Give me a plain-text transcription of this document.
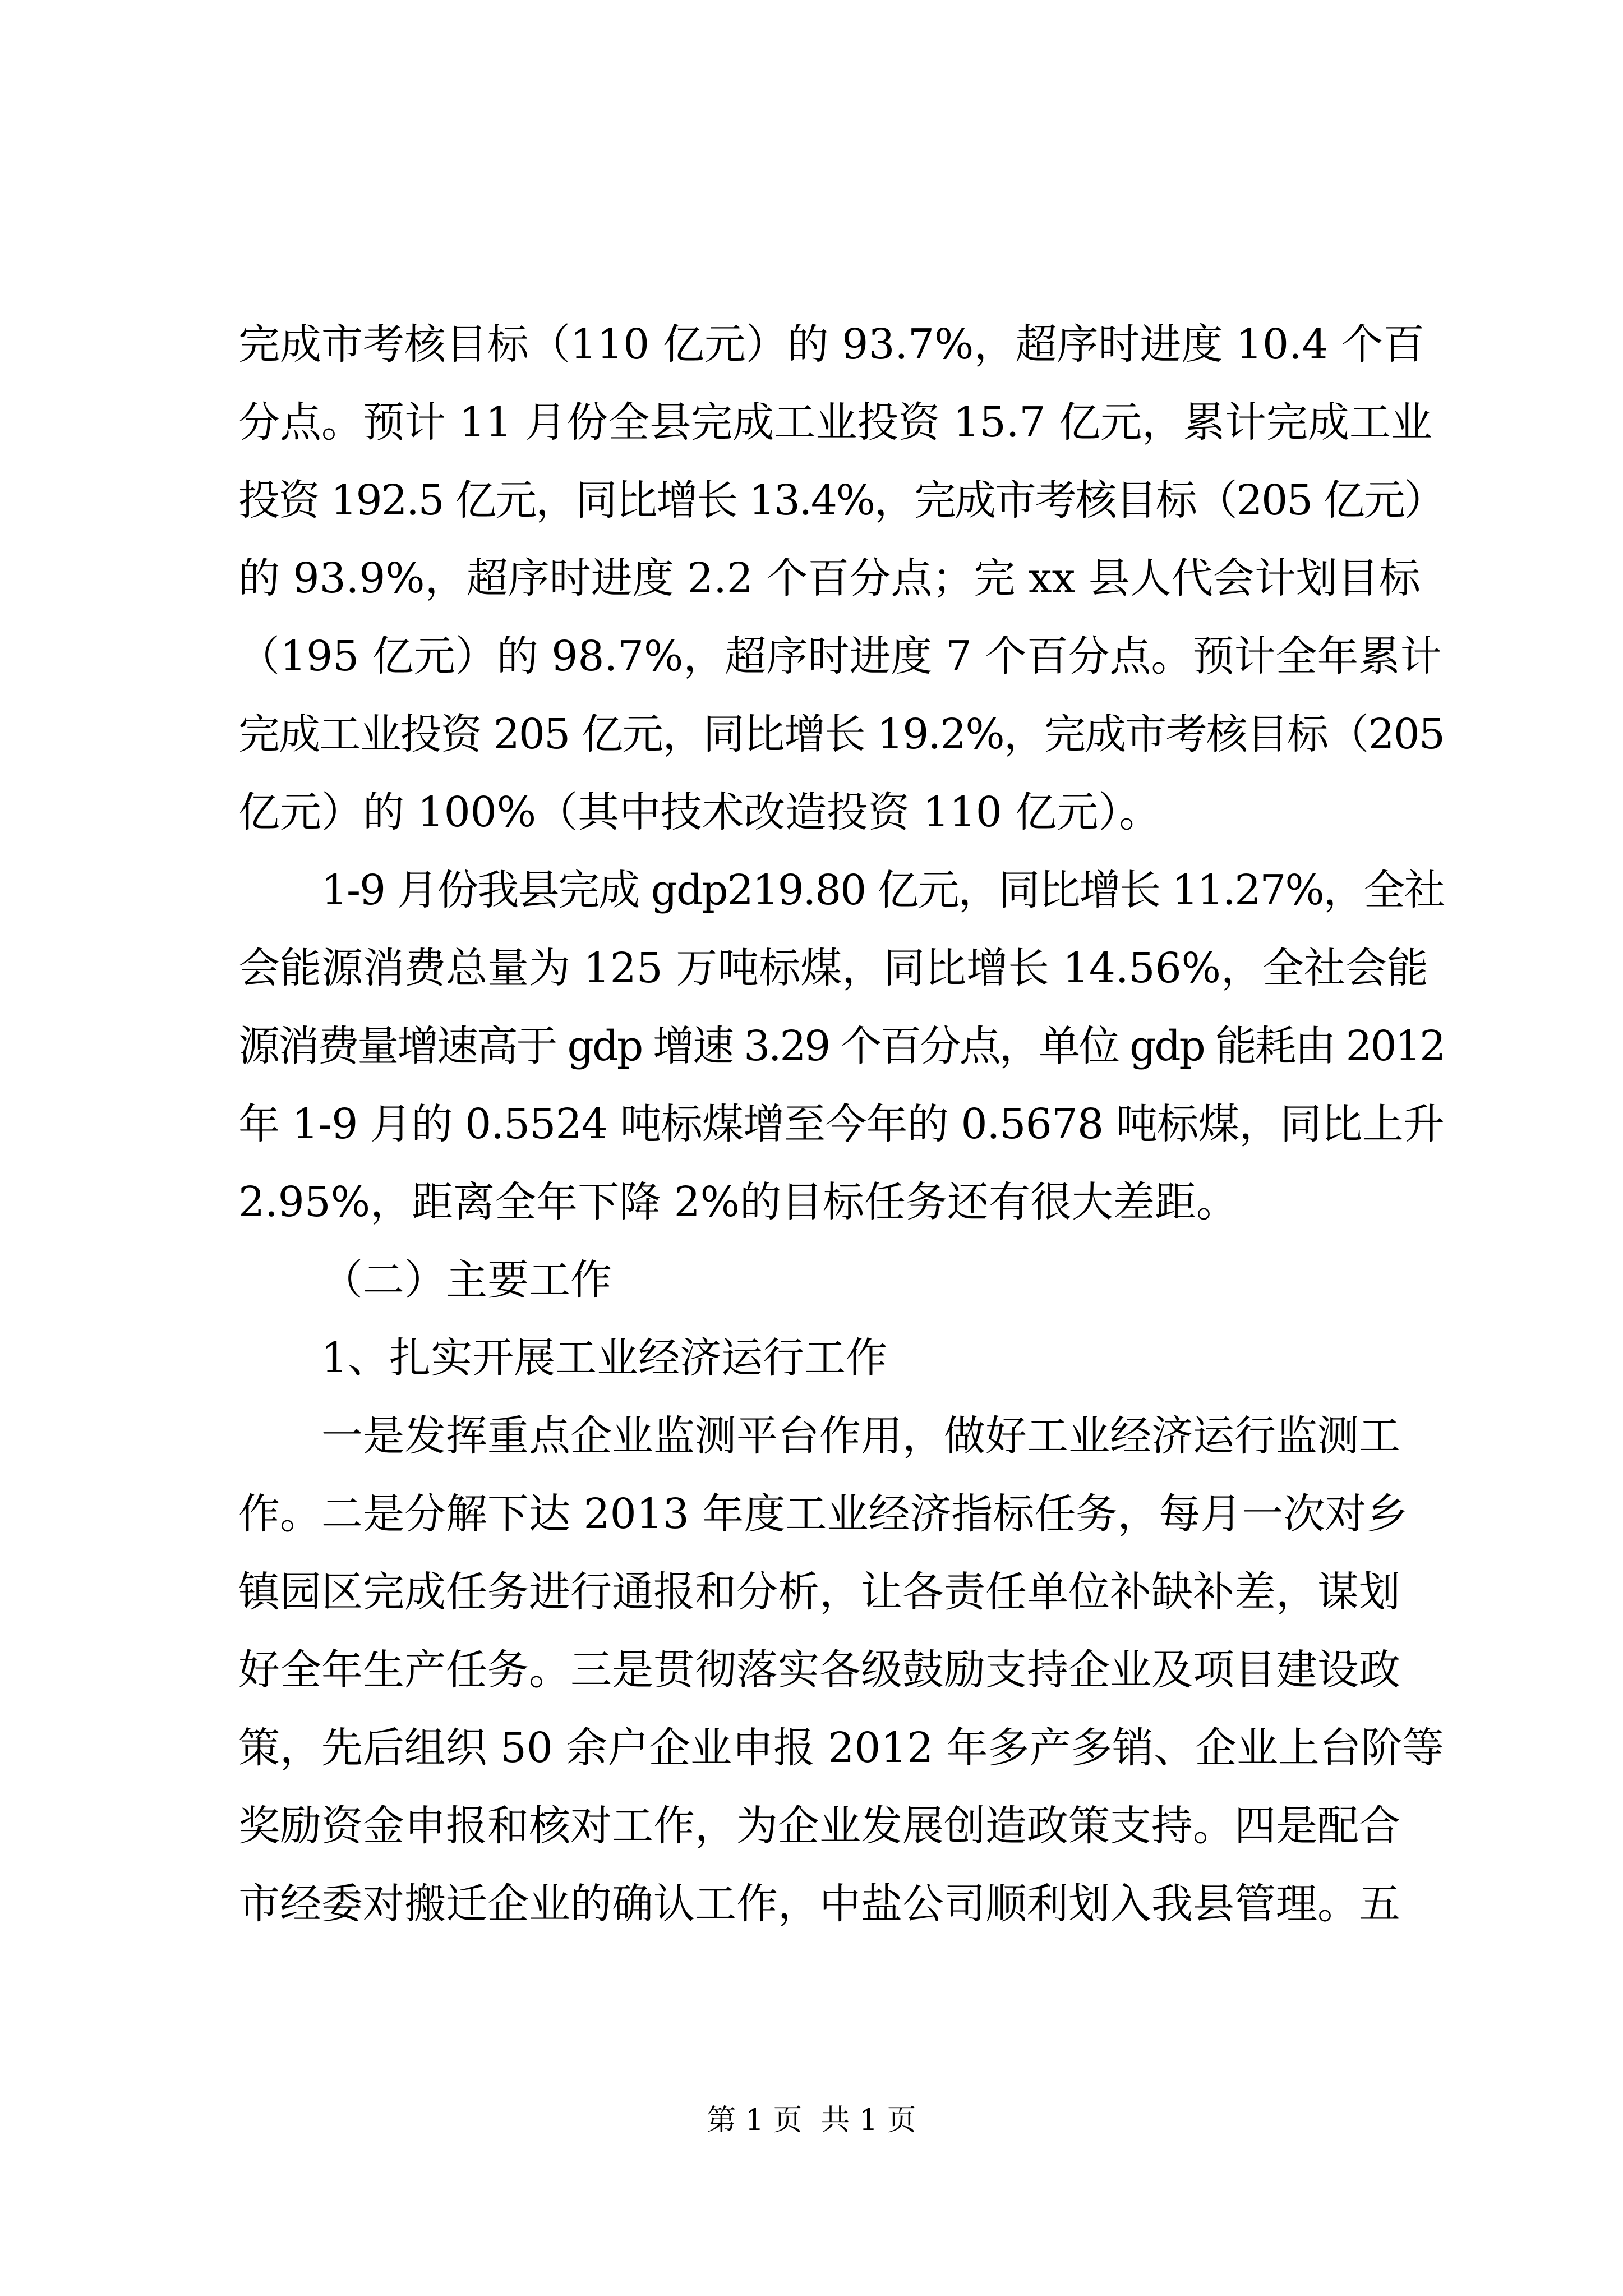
完成市考核目标（110 亿元）的 93.7%，超序时进度 10.4 个百
分点。预计 11 月份全县完成工业投资 15.7 亿元，累计完成工业
投资 192.5 亿元，同比增长 13.4%，完成市考核目标（205 亿元）
的 93.9%，超序时进度 2.2 个百分点；完 xx 县人代会计划目标
（195 亿元）的 98.7%，超序时进度 7 个百分点。预计全年累计
完成工业投资 205 亿元，同比增长 19.2%，完成市考核目标（205
亿元）的 100%（其中技术改造投资 110 亿元）。
1-9 月份我县完成 gdp219.80 亿元，同比增长 11.27%，全社
会能源消费总量为 125 万吨标煤，同比增长 14.56%，全社会能
源消费量增速高于 gdp 增速 3.29 个百分点，单位 gdp 能耗由 2012
年 1-9 月的 0.5524 吨标煤增至今年的 0.5678 吨标煤，同比上升
2.95%，距离全年下降 2%的目标任务还有很大差距。
（二）主要工作
1、扎实开展工业经济运行工作
一是发挥重点企业监测平台作用，做好工业经济运行监测工
作。二是分解下达 2013 年度工业经济指标任务，每月一次对乡
镇园区完成任务进行通报和分析，让各责任单位补缺补差，谋划
好全年生产任务。三是贯彻落实各级鼓励支持企业及项目建设政
策，先后组织 50 余户企业申报 2012 年多产多销、企业上台阶等
奖励资金申报和核对工作，为企业发展创造政策支持。四是配合
市经委对搬迁企业的确认工作，中盐公司顺利划入我县管理。五
第 1 页  共 1 页
